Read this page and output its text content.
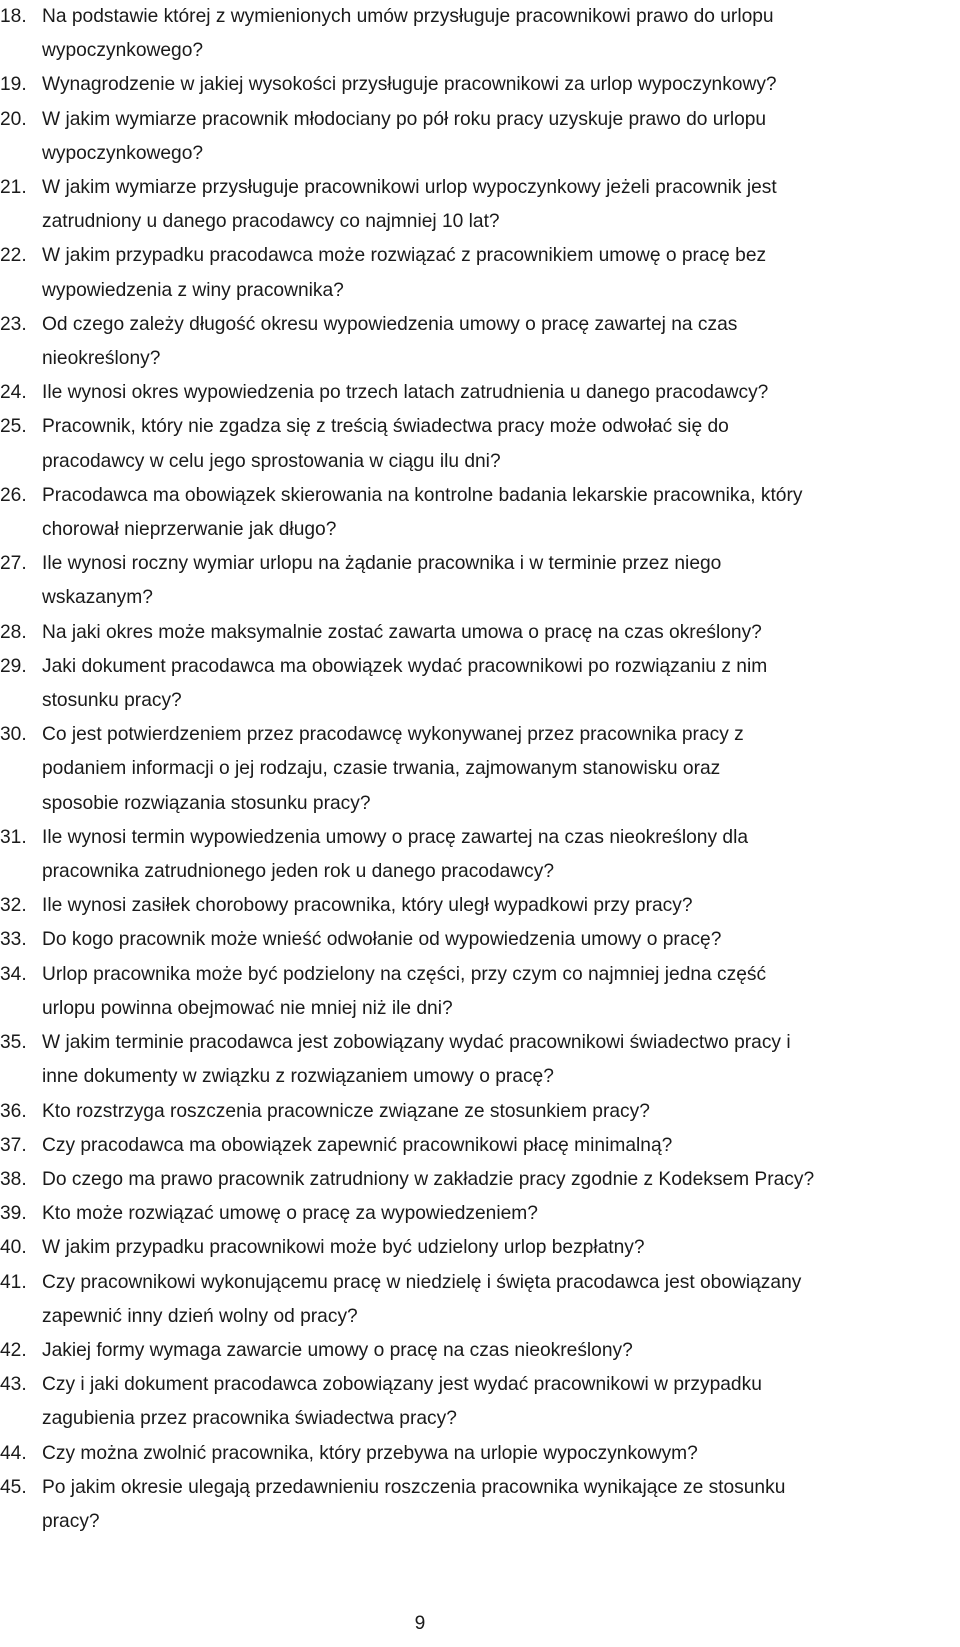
18. Na podstawie której z wymienionych umów przysługuje pracownikowi prawo do urlopu
wypoczynkowego?
19. Wynagrodzenie w jakiej wysokości przysługuje pracownikowi za urlop wypoczynkowy?
20. W jakim wymiarze pracownik młodociany po pół roku pracy uzyskuje prawo do urlopu
wypoczynkowego?
21. W jakim wymiarze przysługuje pracownikowi urlop wypoczynkowy jeżeli pracownik jest
zatrudniony u danego pracodawcy co najmniej 10 lat?
22. W jakim przypadku pracodawca może rozwiązać z pracownikiem umowę o pracę bez
wypowiedzenia z winy pracownika?
23. Od czego zależy długość okresu wypowiedzenia umowy o pracę zawartej na czas
nieokreślony?
24. Ile wynosi okres wypowiedzenia po trzech latach zatrudnienia u danego pracodawcy?
25. Pracownik, który nie zgadza się z treścią świadectwa pracy może odwołać się do
pracodawcy w celu jego sprostowania w ciągu ilu dni?
26. Pracodawca ma obowiązek skierowania na kontrolne badania lekarskie pracownika, który
chorował nieprzerwanie jak długo?
27. Ile wynosi roczny wymiar urlopu na żądanie pracownika i w terminie przez niego
wskazanym?
28. Na jaki okres może maksymalnie zostać zawarta umowa o pracę na czas określony?
29. Jaki dokument pracodawca ma obowiązek wydać pracownikowi po rozwiązaniu z nim
stosunku pracy?
30. Co jest potwierdzeniem przez pracodawcę wykonywanej przez pracownika pracy z
podaniem informacji o jej rodzaju, czasie trwania, zajmowanym stanowisku oraz
sposobie rozwiązania stosunku pracy?
31. Ile wynosi termin wypowiedzenia umowy o pracę zawartej na czas nieokreślony dla
pracownika zatrudnionego jeden rok u danego pracodawcy?
32. Ile wynosi zasiłek chorobowy pracownika, który uległ wypadkowi przy pracy?
33. Do kogo pracownik może wnieść odwołanie od wypowiedzenia umowy o pracę?
34. Urlop pracownika może być podzielony na części, przy czym co najmniej jedna część
urlopu powinna obejmować nie mniej niż ile dni?
35. W jakim terminie pracodawca jest zobowiązany wydać pracownikowi świadectwo pracy i
inne dokumenty w związku z rozwiązaniem umowy o pracę?
36. Kto rozstrzyga roszczenia pracownicze związane ze stosunkiem pracy?
37. Czy pracodawca ma obowiązek zapewnić pracownikowi płacę minimalną?
38. Do czego ma prawo pracownik zatrudniony w zakładzie pracy zgodnie z Kodeksem Pracy?
39. Kto może rozwiązać umowę o pracę za wypowiedzeniem?
40. W jakim przypadku pracownikowi może być udzielony urlop bezpłatny?
41. Czy pracownikowi wykonującemu pracę w niedzielę i święta pracodawca jest obowiązany
zapewnić inny dzień wolny od pracy?
42. Jakiej formy wymaga zawarcie umowy o pracę na czas nieokreślony?
43. Czy i jaki dokument pracodawca zobowiązany jest wydać pracownikowi w przypadku
zagubienia przez pracownika świadectwa pracy?
44. Czy można zwolnić pracownika, który przebywa na urlopie wypoczynkowym?
45. Po jakim okresie ulegają przedawnieniu roszczenia pracownika wynikające ze stosunku
pracy?
9
